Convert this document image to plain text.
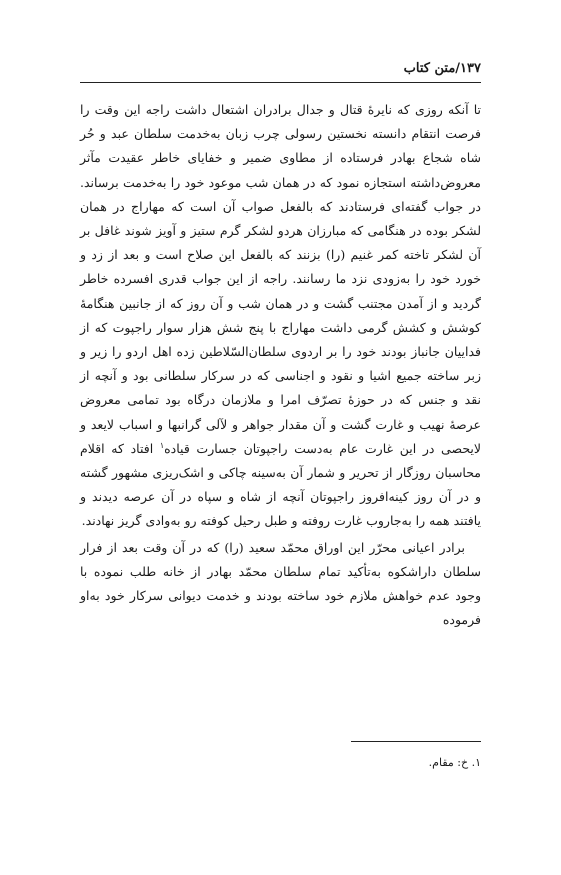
۱۳۷/متن کتاب

تا آنکه روزی که نایرهٔ قتال و جدال برادران اشتعال داشت راجه این وقت را فرصت انتقام دانسته نخستین رسولی چرب زبان به‌خدمت سلطان عبد و حُر شاه شجاع بهادر فرستاده از مطاوی ضمیر و خفایای خاطر عقیدت مآثر معروض‌داشته استجازه نمود که در همان شب موعود خود را به‌خدمت برساند. در جواب گفته‌ای فرستادند که بالفعل صواب آن است که مهاراج در همان لشکر بوده در هنگامی که مبارزان هردو لشکر گرم ستیز و آویز شوند غافل بر آن لشکر تاخته کمر غنیم (را) بزنند که بالفعل این صلاح است و بعد از زد و خورد خود را به‌زودی نزد ما رسانند. راجه از این جواب قدری افسرده خاطر گردید و از آمدن مجتنب گشت و در همان شب و آن روز که از جانبین هنگامهٔ کوشش و کشش گرمی داشت مهاراج با پنج شش هزار سوار راجپوت که از فداییان جانباز بودند خود را بر اردوی سلطان‌السّلاطین زده اهل اردو را زیر و زبر ساخته جمیع اشیا و نقود و اجناسی که در سرکار سلطانی بود و آنچه از نقد و جنس که در حوزهٔ تصرّف امرا و ملازمان درگاه بود تمامی معروض عرصهٔ نهیب و غارت گشت و آن مقدار جواهر و لآلی گرانبها و اسباب لایعد و لایحصی در این غارت عام به‌دست راجپوتان جسارت قیاده$^۱$ افتاد که اقلام محاسبان روزگار از تحریر و شمار آن به‌سینه چاکی و اشک‌ریزی مشهور گشته و در آن روز کینه‌افروز راجپوتان آنچه از شاه و سپاه در آن عرصه دیدند و یافتند همه را به‌جاروب غارت روفته و طبل رحیل کوفته رو به‌وادی گریز نهادند.

برادر اعیانی محرّر این اوراق محمّد سعید (را) که در آن وقت بعد از فرار سلطان داراشکوه به‌تأکید تمام سلطان محمّد بهادر از خانه طلب نموده با وجود عدم خواهش ملازم خود ساخته بودند و خدمت دیوانی سرکار خود به‌او فرموده

۱. خ: مقام.
